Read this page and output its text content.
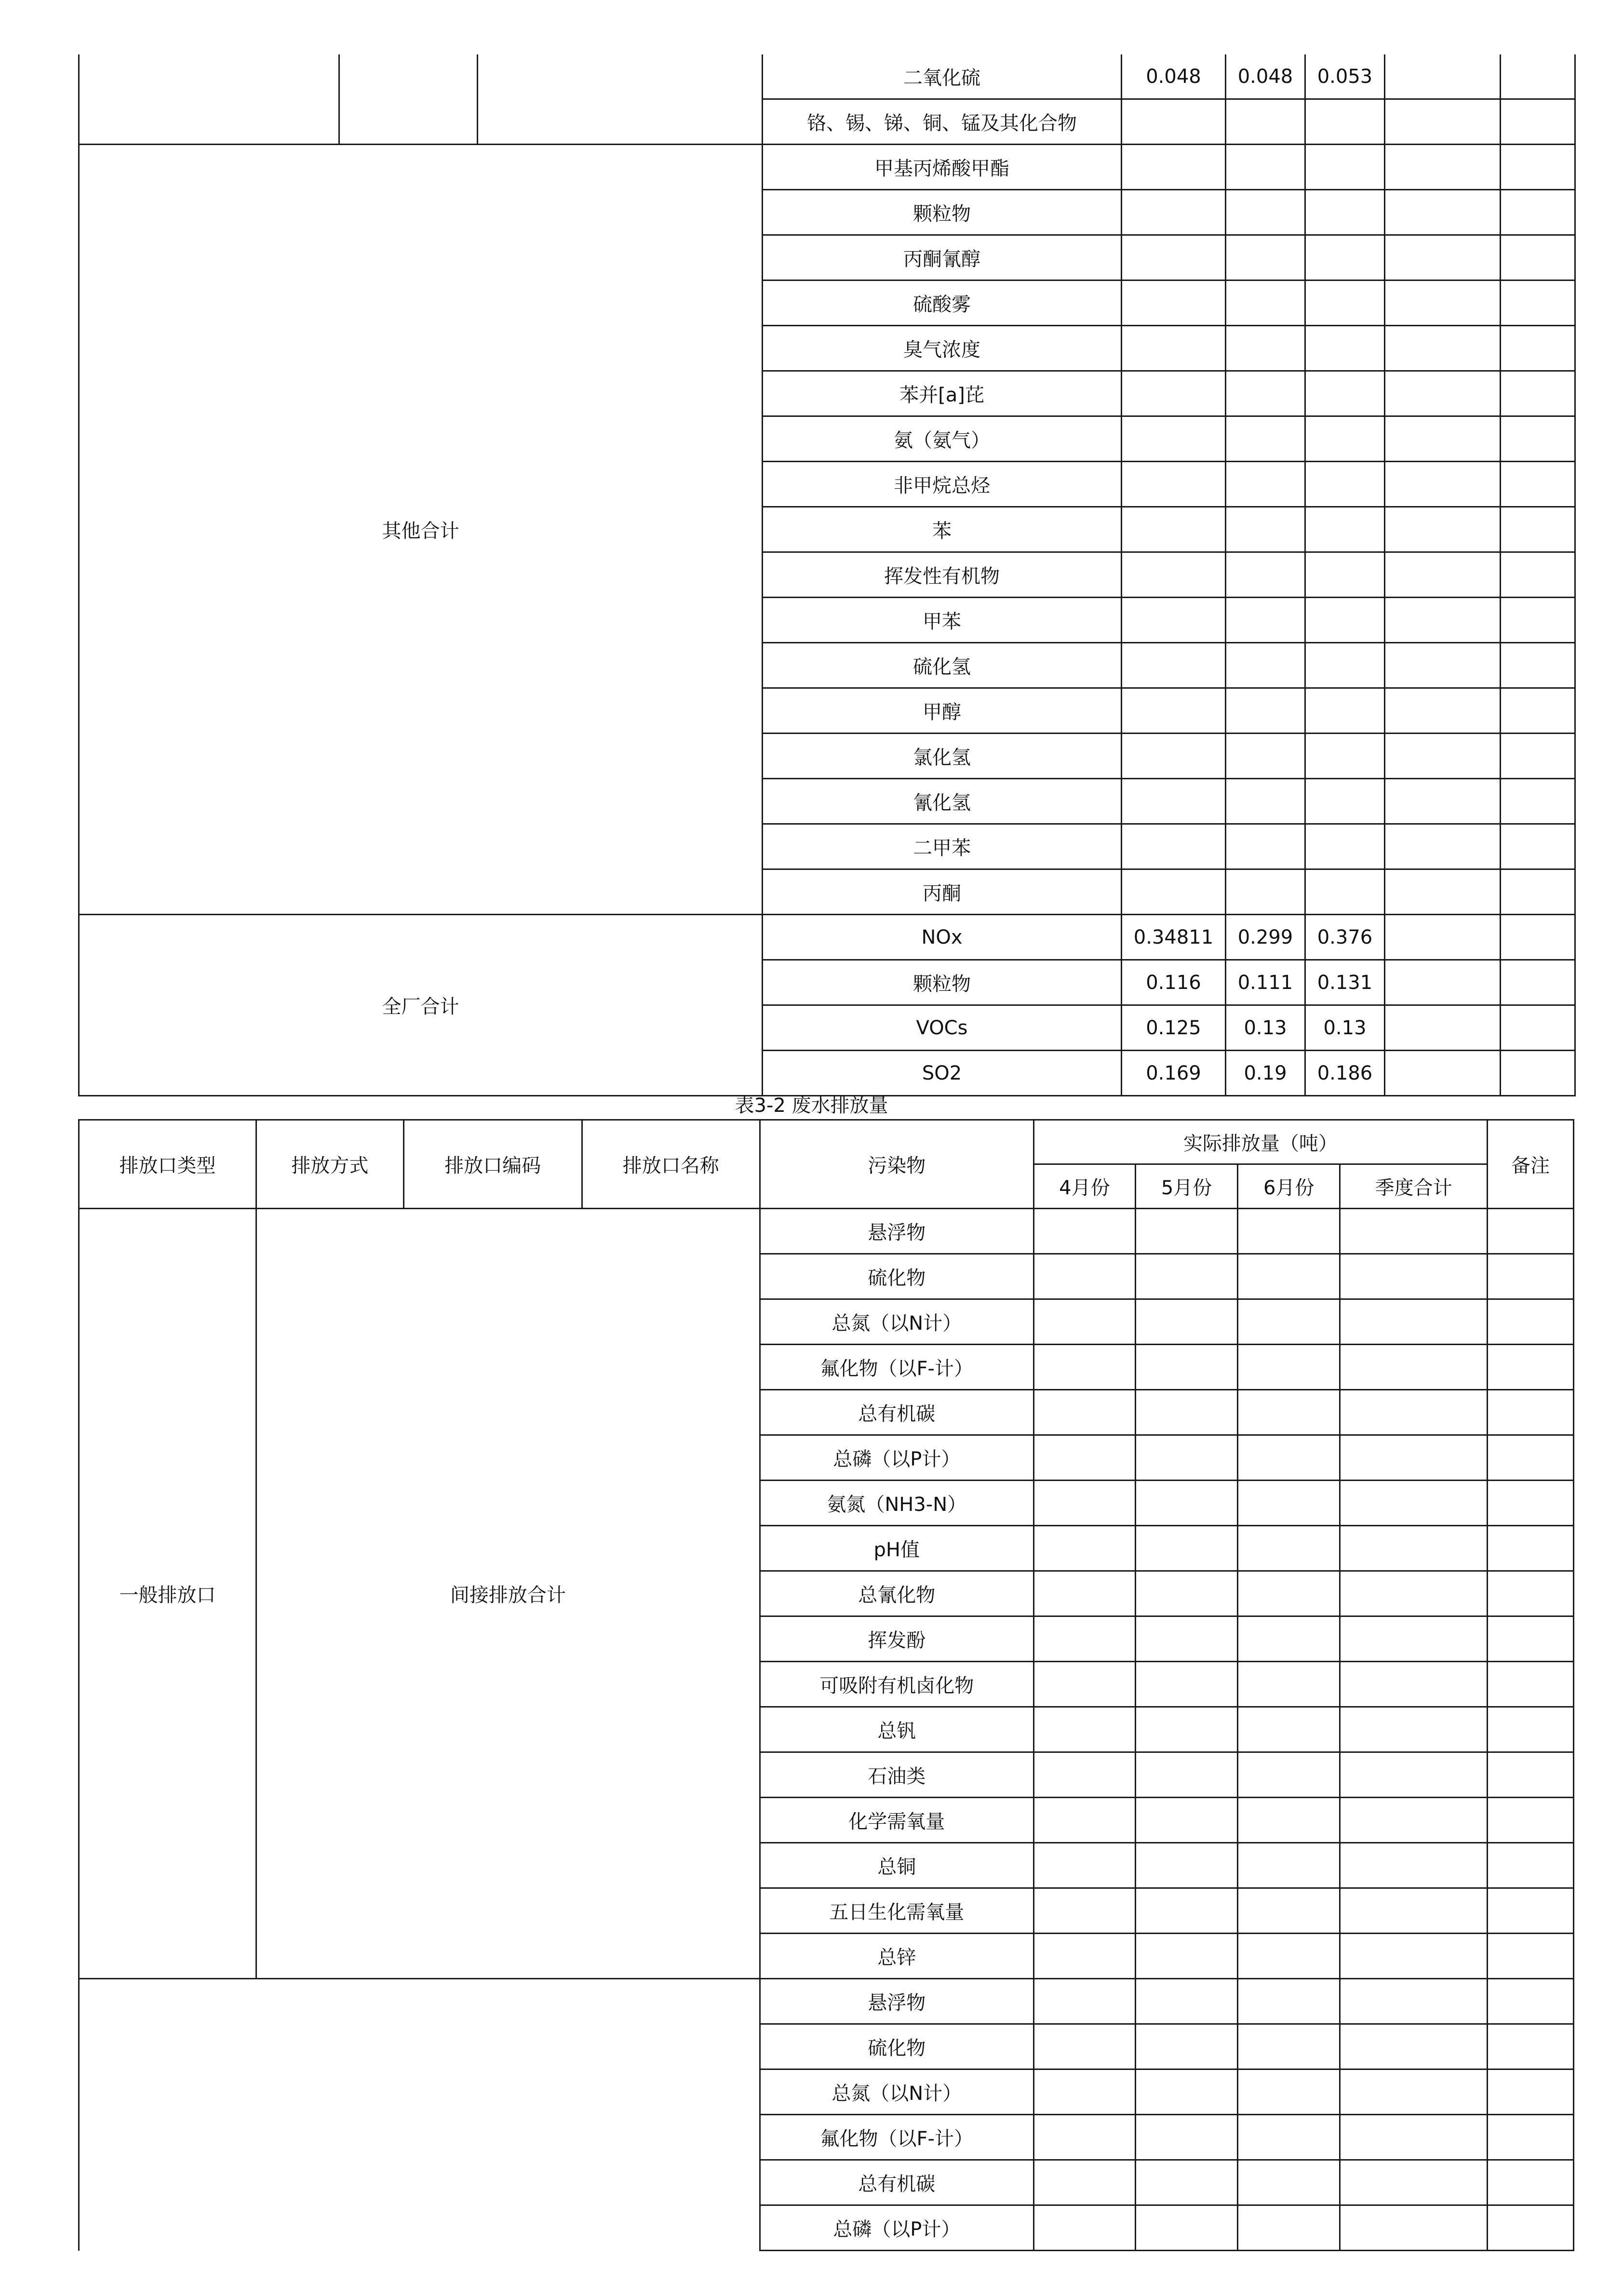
			二氧化硫	0.048	0.048	0.053		
			铬、锡、锑、铜、锰及其化合物					
其他合计			甲基丙烯酸甲酯					
			颗粒物					
			丙酮氰醇					
			硫酸雾					
			臭气浓度					
			苯并[a]芘					
			氨（氨气）					
			非甲烷总烃					
			苯					
			挥发性有机物					
			甲苯					
			硫化氢					
			甲醇					
			氯化氢					
			氰化氢					
			二甲苯					
			丙酮					
全厂合计			NOx	0.34811	0.299	0.376		
			颗粒物	0.116	0.111	0.131		
			VOCs	0.125	0.13	0.13		
			SO2	0.169	0.19	0.186		
表3-2 废水排放量
排放口类型	排放方式	排放口编码	排放口名称	污染物	实际排放量（吨）				备注
					4月份	5月份	6月份	季度合计	
一般排放口	间接排放合计			悬浮物					
				硫化物					
				总氮（以N计）					
				氟化物（以F-计）					
				总有机碳					
				总磷（以P计）					
				氨氮（NH3-N）					
				pH值					
				总氰化物					
				挥发酚					
				可吸附有机卤化物					
				总钒					
				石油类					
				化学需氧量					
				总铜					
				五日生化需氧量					
				总锌					
				悬浮物					
				硫化物					
				总氮（以N计）					
				氟化物（以F-计）					
				总有机碳					
				总磷（以P计）					
